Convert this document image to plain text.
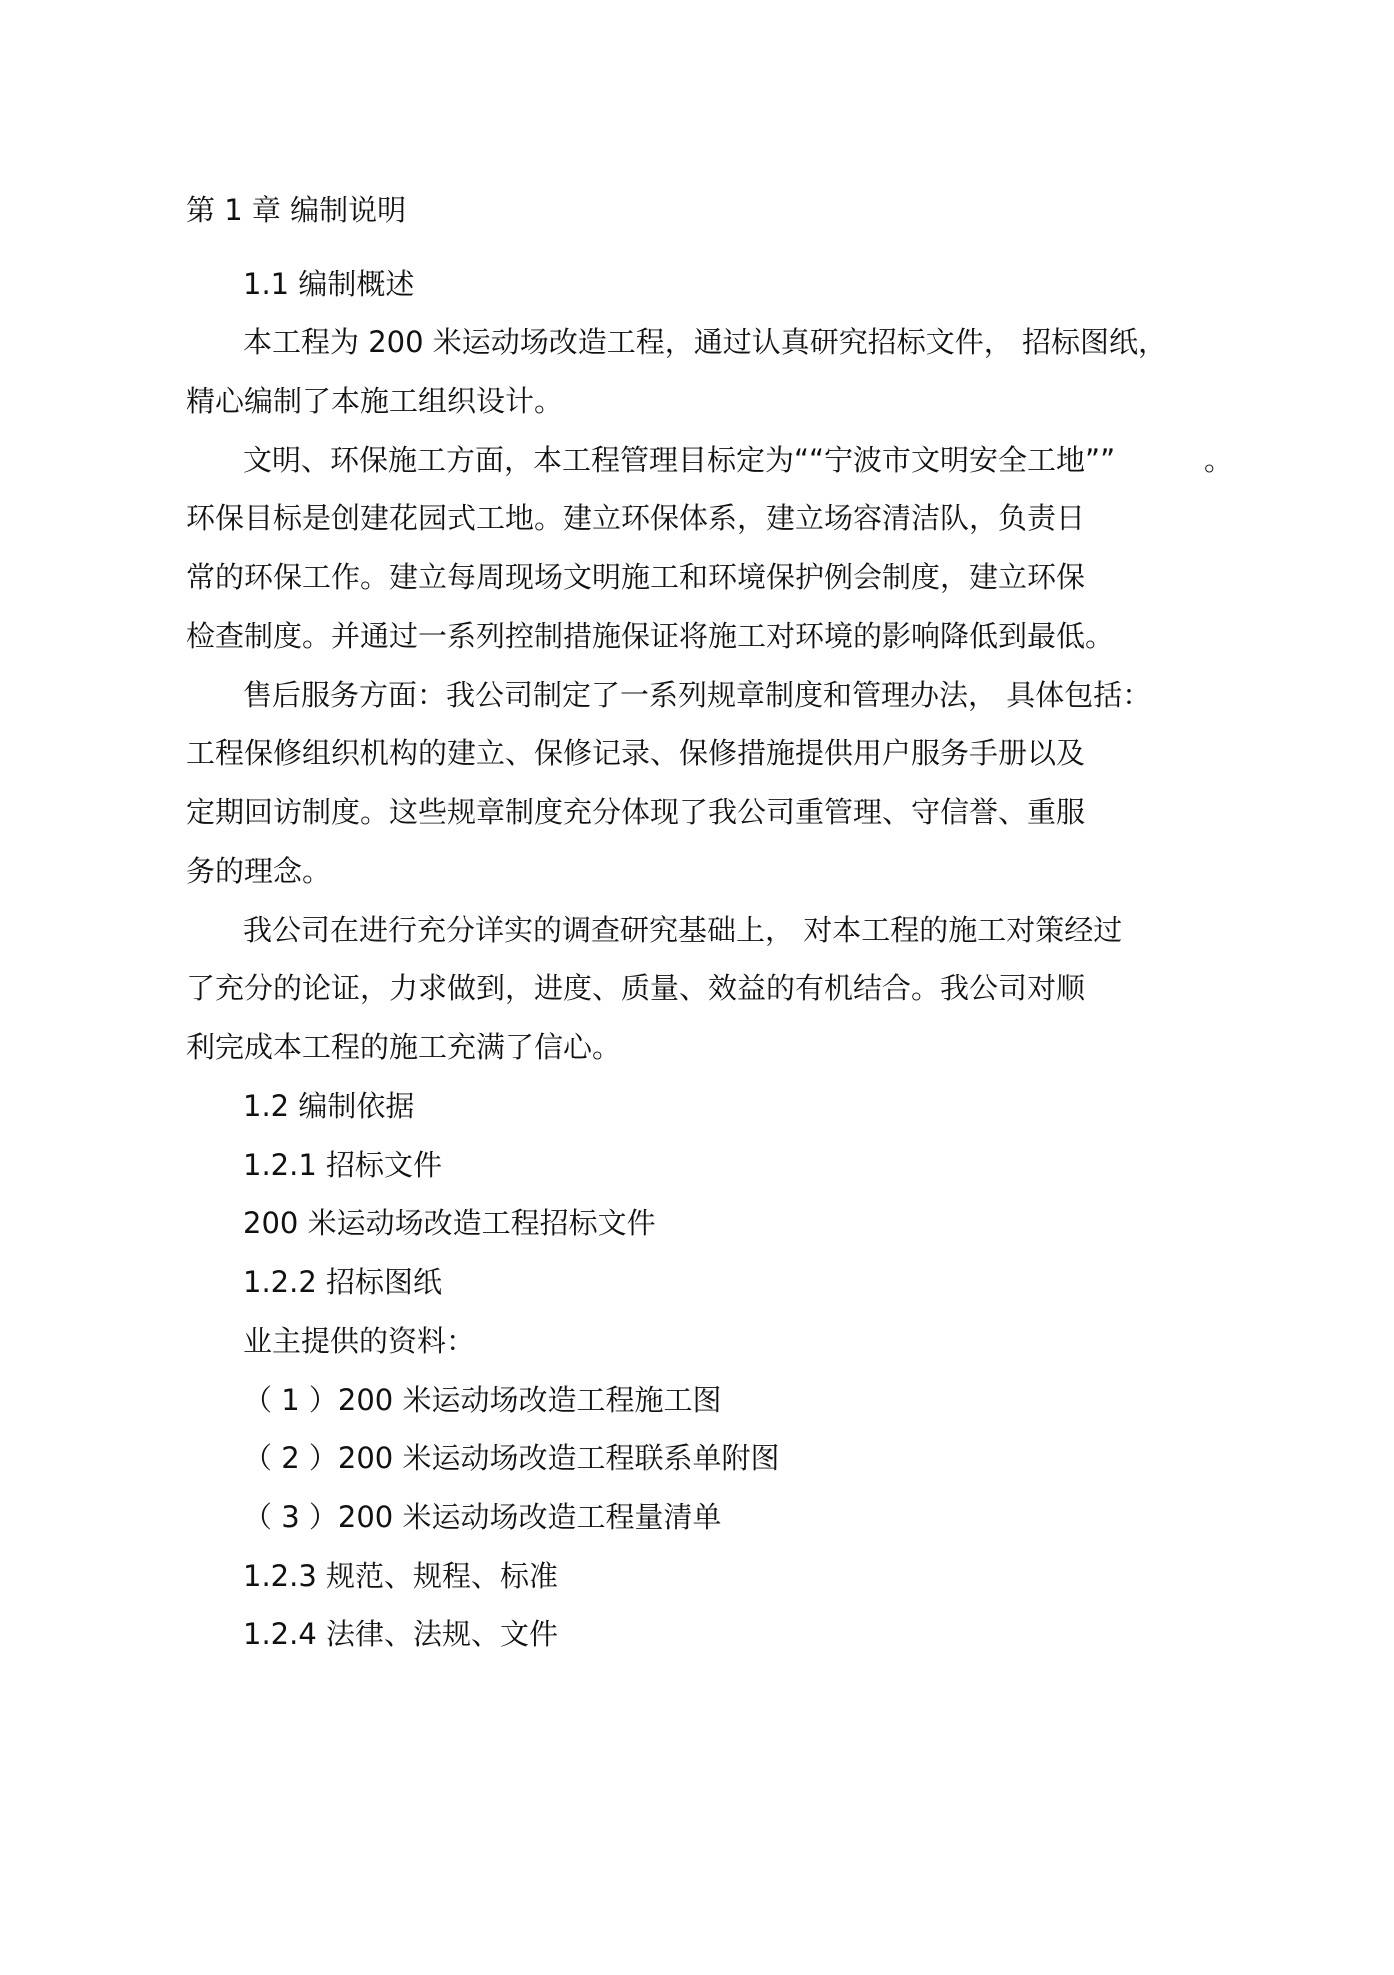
第 1 章 编制说明
1.1 编制概述
本工程为 200 米运动场改造工程，通过认真研究招标文件， 招标图纸，
精心编制了本施工组织设计。
文明、环保施工方面，本工程管理目标定为““宁波市文明安全工地””	。
环保目标是创建花园式工地。建立环保体系，建立场容清洁队，负责日
常的环保工作。建立每周现场文明施工和环境保护例会制度，建立环保
检查制度。并通过一系列控制措施保证将施工对环境的影响降低到最低。
售后服务方面：我公司制定了一系列规章制度和管理办法， 具体包括：
工程保修组织机构的建立、保修记录、保修措施提供用户服务手册以及
定期回访制度。这些规章制度充分体现了我公司重管理、守信誉、重服
务的理念。
我公司在进行充分详实的调查研究基础上， 对本工程的施工对策经过
了充分的论证，力求做到，进度、质量、效益的有机结合。我公司对顺
利完成本工程的施工充满了信心。
1.2 编制依据
1.2.1 招标文件
200 米运动场改造工程招标文件
1.2.2 招标图纸
业主提供的资料：
（ 1 ）200 米运动场改造工程施工图
（ 2 ）200 米运动场改造工程联系单附图
（ 3 ）200 米运动场改造工程量清单
1.2.3 规范、规程、标准
1.2.4 法律、法规、文件
